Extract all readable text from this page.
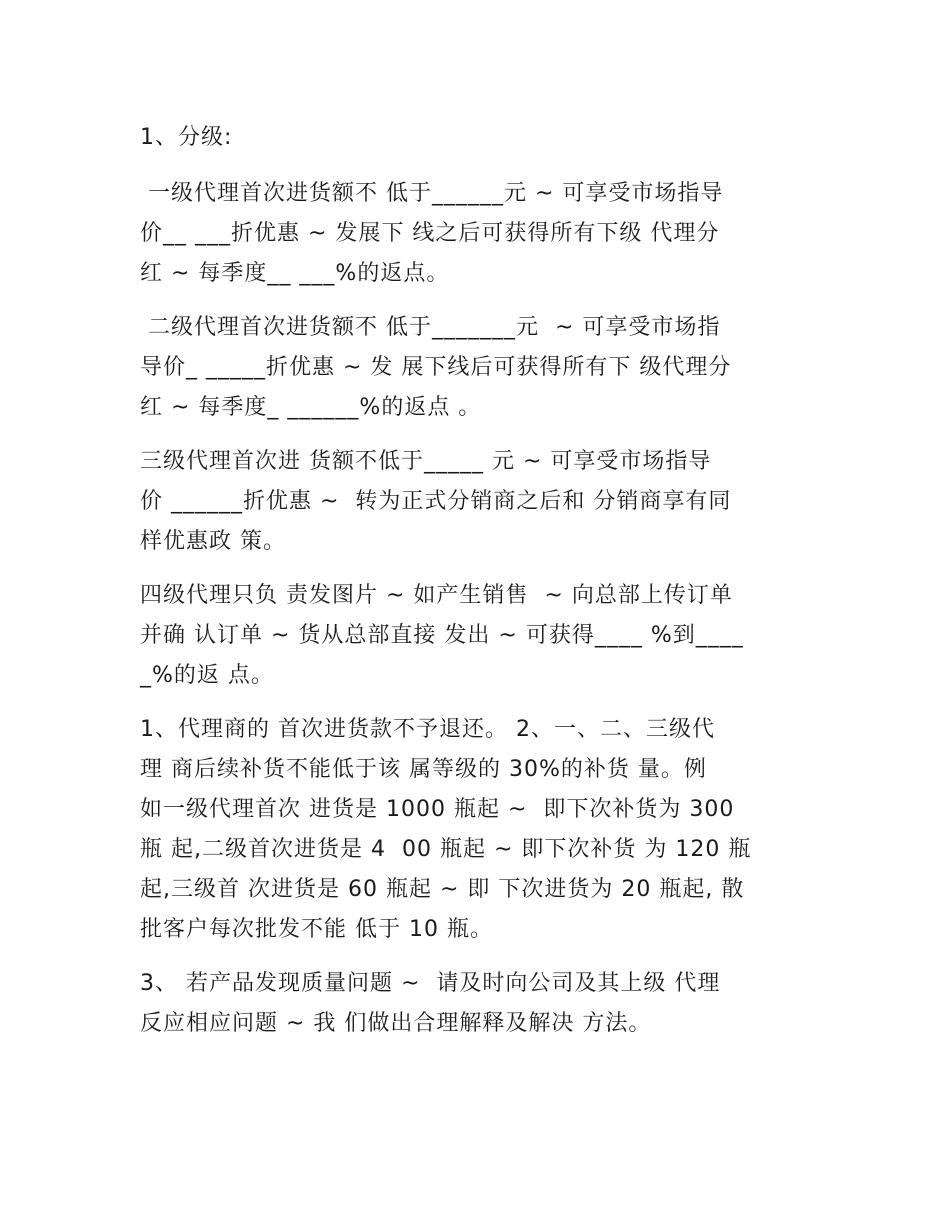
1、分级:
一级代理首次进货额不 低于______元 ~ 可享受市场指导
价__ ___折优惠 ~ 发展下 线之后可获得所有下级 代理分
红 ~ 每季度__ ___%的返点。
二级代理首次进货额不 低于_______元  ~ 可享受市场指
导价_ _____折优惠 ~ 发 展下线后可获得所有下 级代理分
红 ~ 每季度_ ______%的返点 。
三级代理首次进 货额不低于_____ 元 ~ 可享受市场指导
价 ______折优惠 ~  转为正式分销商之后和 分销商享有同
样优惠政 策。
四级代理只负 责发图片 ~ 如产生销售  ~ 向总部上传订单
并确 认订单 ~ 货从总部直接 发出 ~ 可获得____ %到____
_%的返 点。
1、代理商的 首次进货款不予退还。 2、一、二、三级代
理 商后续补货不能低于该 属等级的 30%的补货 量。例
如一级代理首次 进货是 1000 瓶起 ~  即下次补货为 300
瓶 起,二级首次进货是 4  00 瓶起 ~ 即下次补货 为 120 瓶
起,三级首 次进货是 60 瓶起 ~ 即 下次进货为 20 瓶起, 散
批客户每次批发不能 低于 10 瓶。
3、 若产品发现质量问题 ~  请及时向公司及其上级 代理
反应相应问题 ~ 我 们做出合理解释及解决 方法。
